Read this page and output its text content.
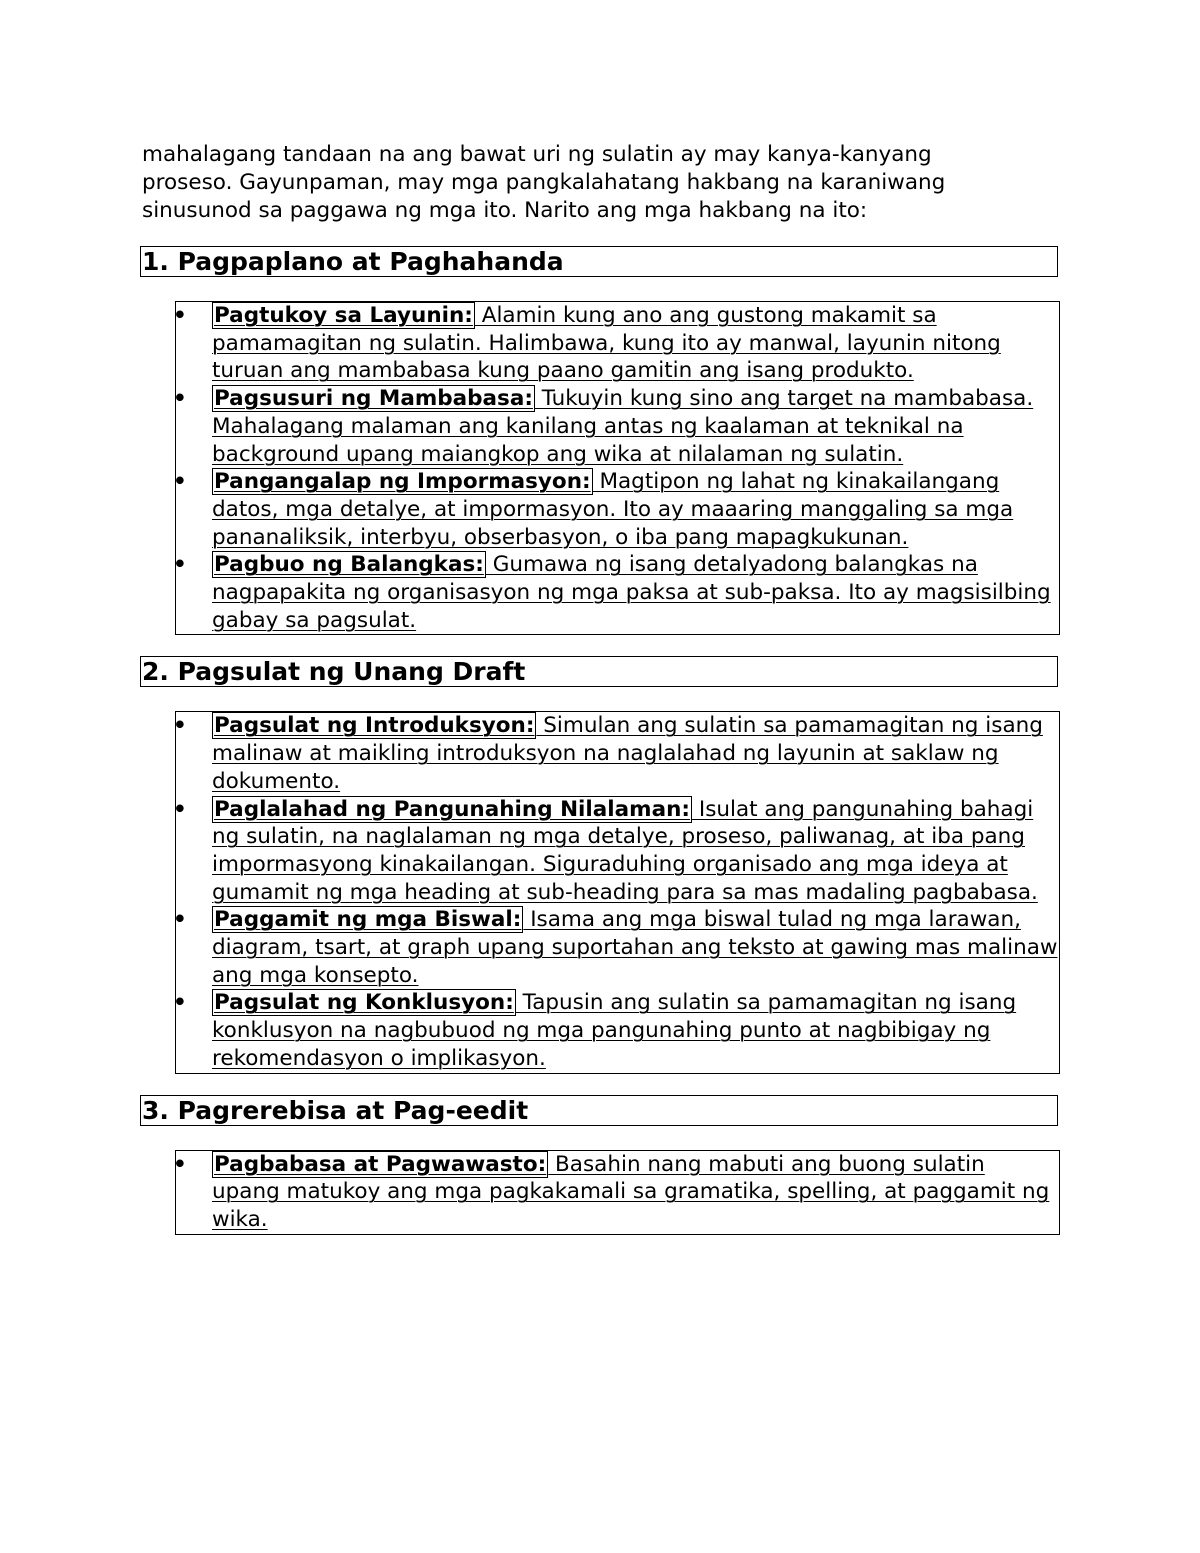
mahalagang tandaan na ang bawat uri ng sulatin ay may kanya-kanyang
proseso. Gayunpaman, may mga pangkalahatang hakbang na karaniwang
sinusunod sa paggawa ng mga ito. Narito ang mga hakbang na ito:

1. Pagpaplano at Paghahanda
• Pagtukoy sa Layunin: Alamin kung ano ang gustong makamit sa pamamagitan ng sulatin. Halimbawa, kung ito ay manwal, layunin nitong turuan ang mambabasa kung paano gamitin ang isang produkto.
• Pagsusuri ng Mambabasa: Tukuyin kung sino ang target na mambabasa. Mahalagang malaman ang kanilang antas ng kaalaman at teknikal na background upang maiangkop ang wika at nilalaman ng sulatin.
• Pangangalap ng Impormasyon: Magtipon ng lahat ng kinakailangang datos, mga detalye, at impormasyon. Ito ay maaaring manggaling sa mga pananaliksik, interbyu, obserbasyon, o iba pang mapagkukunan.
• Pagbuo ng Balangkas: Gumawa ng isang detalyadong balangkas na nagpapakita ng organisasyon ng mga paksa at sub-paksa. Ito ay magsisilbing gabay sa pagsulat.
2. Pagsulat ng Unang Draft
• Pagsulat ng Introduksyon: Simulan ang sulatin sa pamamagitan ng isang malinaw at maikling introduksyon na naglalahad ng layunin at saklaw ng dokumento.
• Paglalahad ng Pangunahing Nilalaman: Isulat ang pangunahing bahagi ng sulatin, na naglalaman ng mga detalye, proseso, paliwanag, at iba pang impormasyong kinakailangan. Siguraduhing organisado ang mga ideya at gumamit ng mga heading at sub-heading para sa mas madaling pagbabasa.
• Paggamit ng mga Biswal: Isama ang mga biswal tulad ng mga larawan, diagram, tsart, at graph upang suportahan ang teksto at gawing mas malinaw ang mga konsepto.
• Pagsulat ng Konklusyon: Tapusin ang sulatin sa pamamagitan ng isang konklusyon na nagbubuod ng mga pangunahing punto at nagbibigay ng rekomendasyon o implikasyon.
3. Pagrerebisa at Pag-eedit
• Pagbabasa at Pagwawasto: Basahin nang mabuti ang buong sulatin upang matukoy ang mga pagkakamali sa gramatika, spelling, at paggamit ng wika.
